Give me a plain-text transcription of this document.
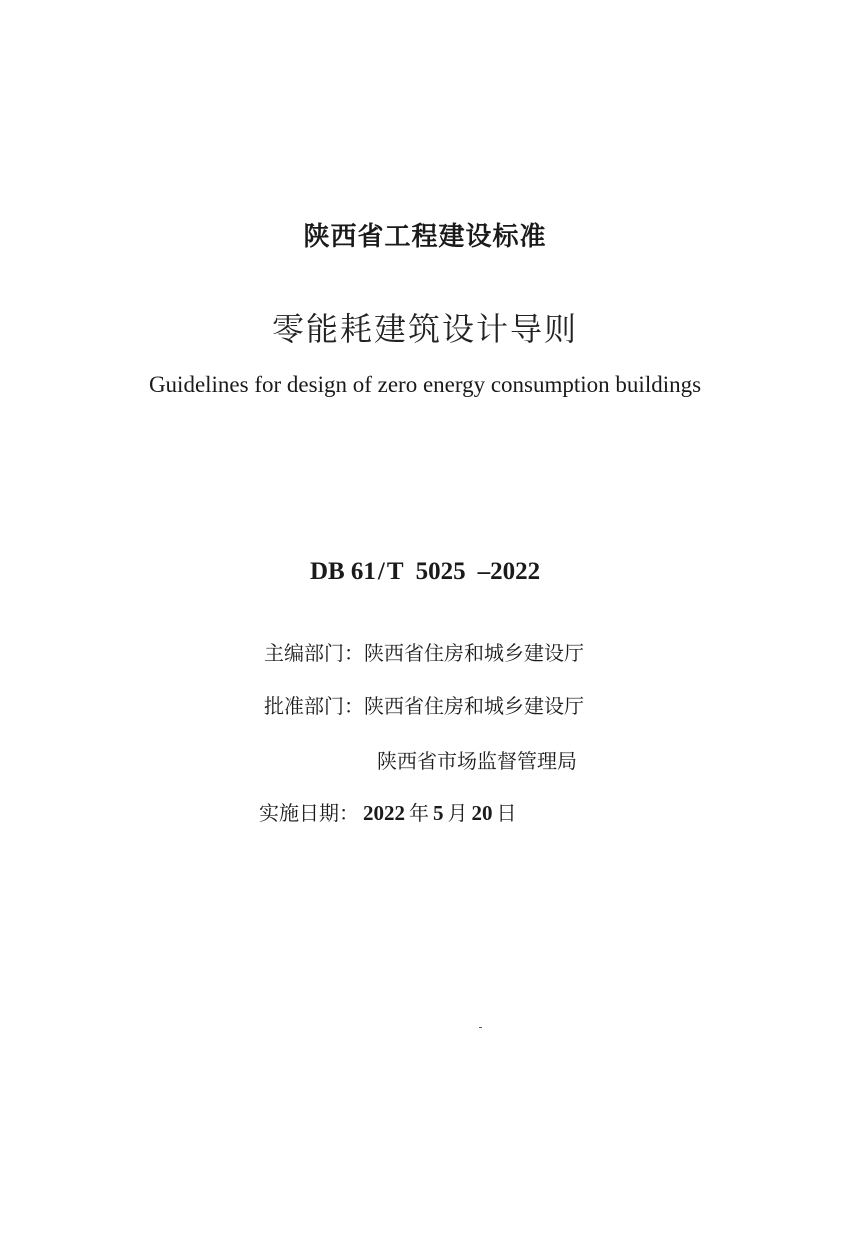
陕西省工程建设标准
零能耗建筑设计导则
Guidelines for design of zero energy consumption buildings
DB 61/T 5025 –2022
主编部门：陕西省住房和城乡建设厅
批准部门：陕西省住房和城乡建设厅
陕西省市场监督管理局
实施日期： 2022 年 5 月 20 日
